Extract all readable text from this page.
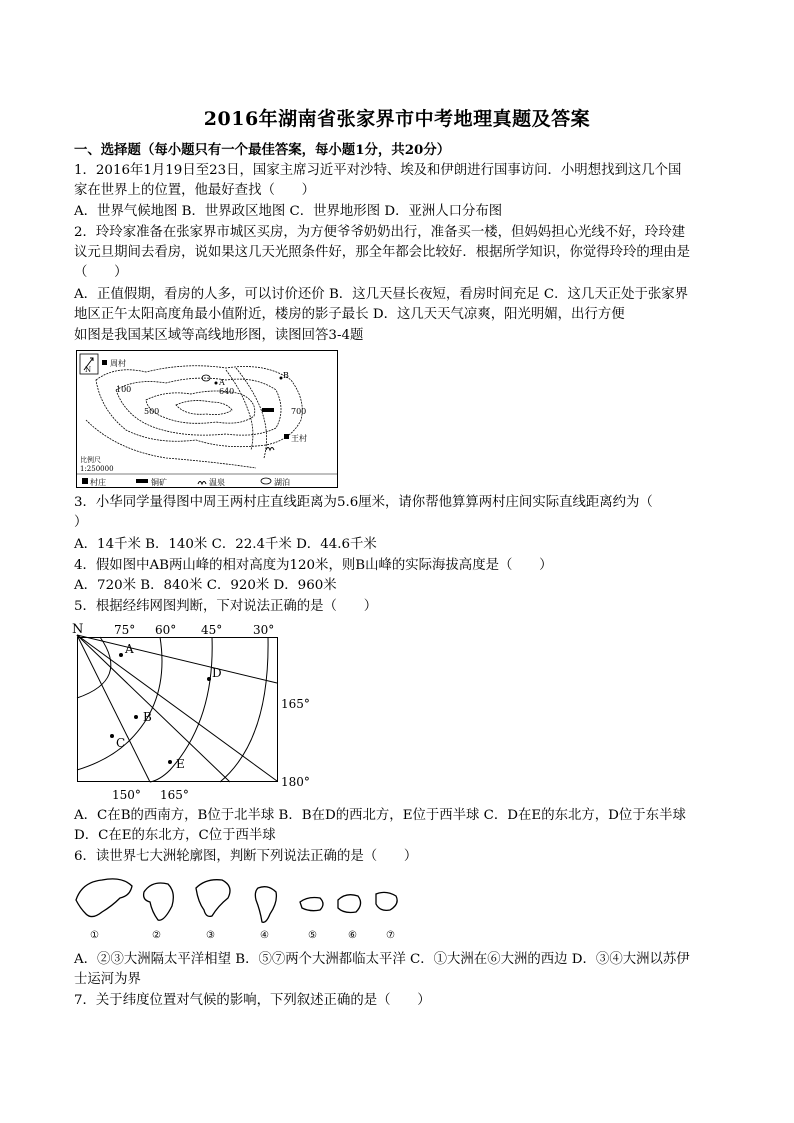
2016年湖南省张家界市中考地理真题及答案
一、选择题（每小题只有一个最佳答案，每小题1分，共20分）
1．2016年1月19日至23日，国家主席习近平对沙特、埃及和伊朗进行国事访问．小明想找到这几个国
家在世界上的位置，他最好查找（　　）
A．世界气候地图 B．世界政区地图 C．世界地形图 D．亚洲人口分布图
2．玲玲家准备在张家界市城区买房，为方便爷爷奶奶出行，准备买一楼，但妈妈担心光线不好，玲玲建
议元旦期间去看房，说如果这几天光照条件好，那全年都会比较好．根据所学知识，你觉得玲玲的理由是
（　　）
A．正值假期，看房的人多，可以讨价还价 B．这几天昼长夜短，看房时间充足 C．这几天正处于张家界
地区正午太阳高度角最小值附近，楼房的影子最长 D．这几天天气凉爽，阳光明媚，出行方便
如图是我国某区域等高线地形图，读图回答3-4题
N
A
B
640
100
500	700
周村
王村
比例尺
1:250000
村庄	铜矿	温泉	湖泊
3．小华同学量得图中周王两村庄直线距离为5.6厘米，请你帮他算算两村庄间实际直线距离约为（
）
A．14千米 B．140米 C．22.4千米 D．44.6千米
4．假如图中AB两山峰的相对高度为120米，则B山峰的实际海拔高度是（　　）
A．720米 B．840米 C．920米 D．960米
5．根据经纬网图判断，下对说法正确的是（　　）
N	75° 60° 45°	30°
165°
180°
150° 165°
A
B
C
D
E
A．C在B的西南方，B位于北半球 B．B在D的西北方，E位于西半球 C．D在E的东北方，D位于东半球
D．C在E的东北方，C位于西半球
6．读世界七大洲轮廓图，判断下列说法正确的是（　　）
①	②	③	④	⑤	⑥	⑦
A．②③大洲隔太平洋相望 B．⑤⑦两个大洲都临太平洋 C．①大洲在⑥大洲的西边 D．③④大洲以苏伊
士运河为界
7．关于纬度位置对气候的影响，下列叙述正确的是（　　）
